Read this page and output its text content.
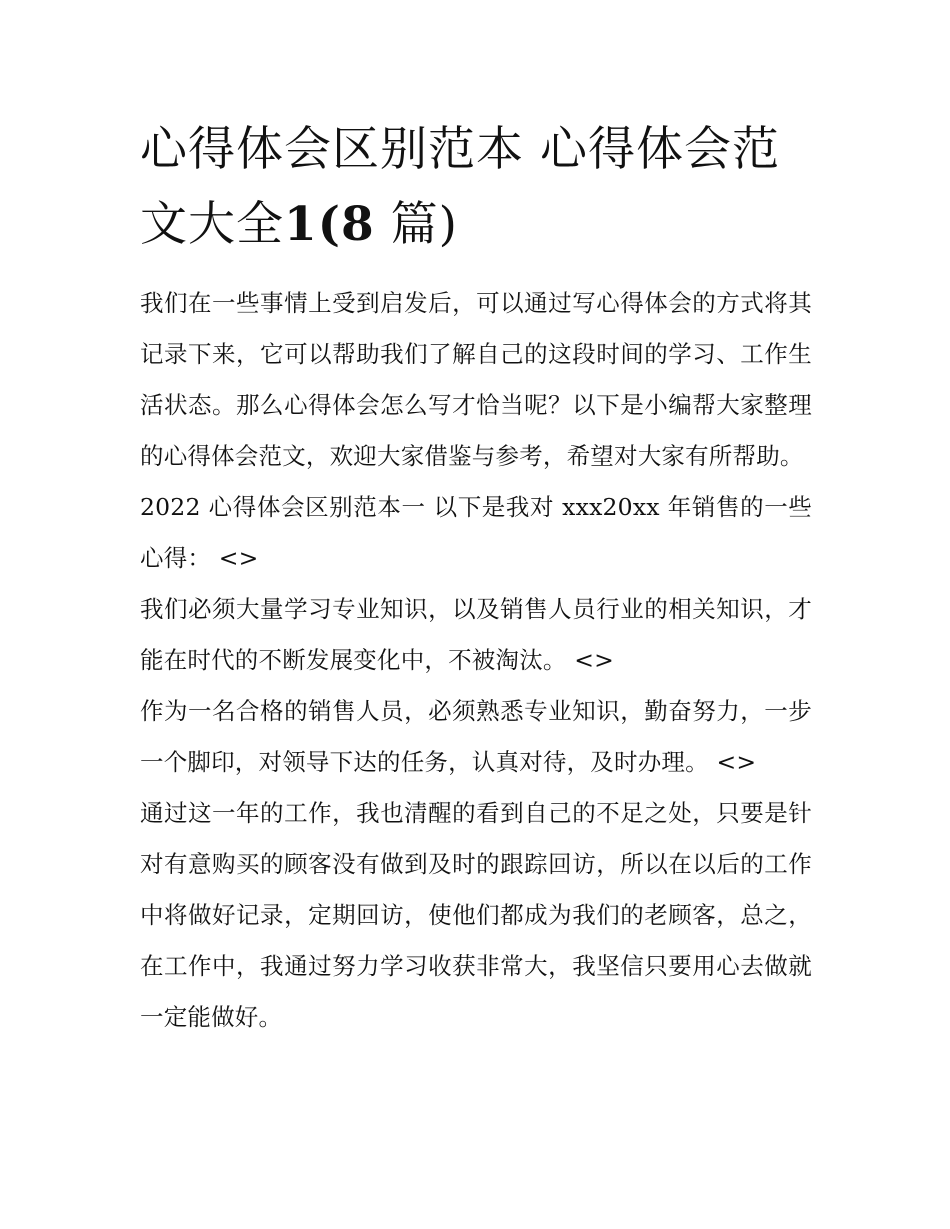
心得体会区别范本 心得体会范
文大全1(8 篇)

我们在一些事情上受到启发后，可以通过写心得体会的方式将其记录下来，它可以帮助我们了解自己的这段时间的学习、工作生活状态。那么心得体会怎么写才恰当呢？以下是小编帮大家整理的心得体会范文，欢迎大家借鉴与参考，希望对大家有所帮助。

2022 心得体会区别范本一 以下是我对 xxx20xx 年销售的一些心得： <>

我们必须大量学习专业知识，以及销售人员行业的相关知识，才能在时代的不断发展变化中，不被淘汰。 <>

作为一名合格的销售人员，必须熟悉专业知识，勤奋努力，一步一个脚印，对领导下达的任务，认真对待，及时办理。 <>

通过这一年的工作，我也清醒的看到自己的不足之处，只要是针对有意购买的顾客没有做到及时的跟踪回访，所以在以后的工作中将做好记录，定期回访，使他们都成为我们的老顾客，总之，在工作中，我通过努力学习收获非常大，我坚信只要用心去做就一定能做好。
